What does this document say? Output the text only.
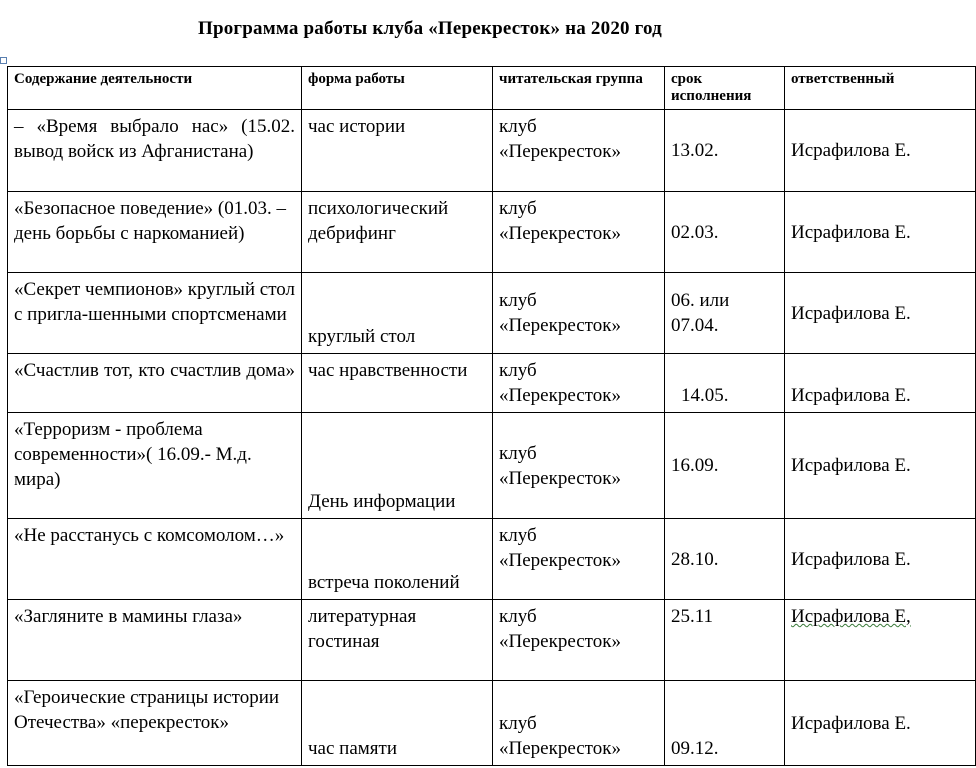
Программа работы клуба «Перекресток» на 2020 год
Содержание деятельности	форма работы	читательская группа	срок исполнения	ответственный
– «Время выбрало нас» (15.02. вывод войск из Афганистана)	час истории	клуб «Перекресток»	13.02.	Исрафилова Е.
«Безопасное поведение» (01.03. –день борьбы с наркоманией)	психологический дебрифинг	клуб «Перекресток»	02.03.	Исрафилова Е.
«Секрет чемпионов» круглый стол с пригла-шенными спортсменами	круглый стол	клуб «Перекресток»	06. или 07.04.	Исрафилова Е.
«Счастлив тот, кто счастлив дома»	час нравственности	клуб «Перекресток»	14.05.	Исрафилова Е.
«Терроризм - проблема современности»( 16.09.- М.д. мира)	День информации	клуб «Перекресток»	16.09.	Исрафилова Е.
«Не расстанусь с комсомолом…»	встреча поколений	клуб «Перекресток»	28.10.	Исрафилова Е.
«Загляните в мамины глаза»	литературная гостиная	клуб «Перекресток»	25.11	Исрафилова Е,
«Героические страницы истории Отечества» «перекресток»	час памяти	клуб «Перекресток»	09.12.	Исрафилова Е.
